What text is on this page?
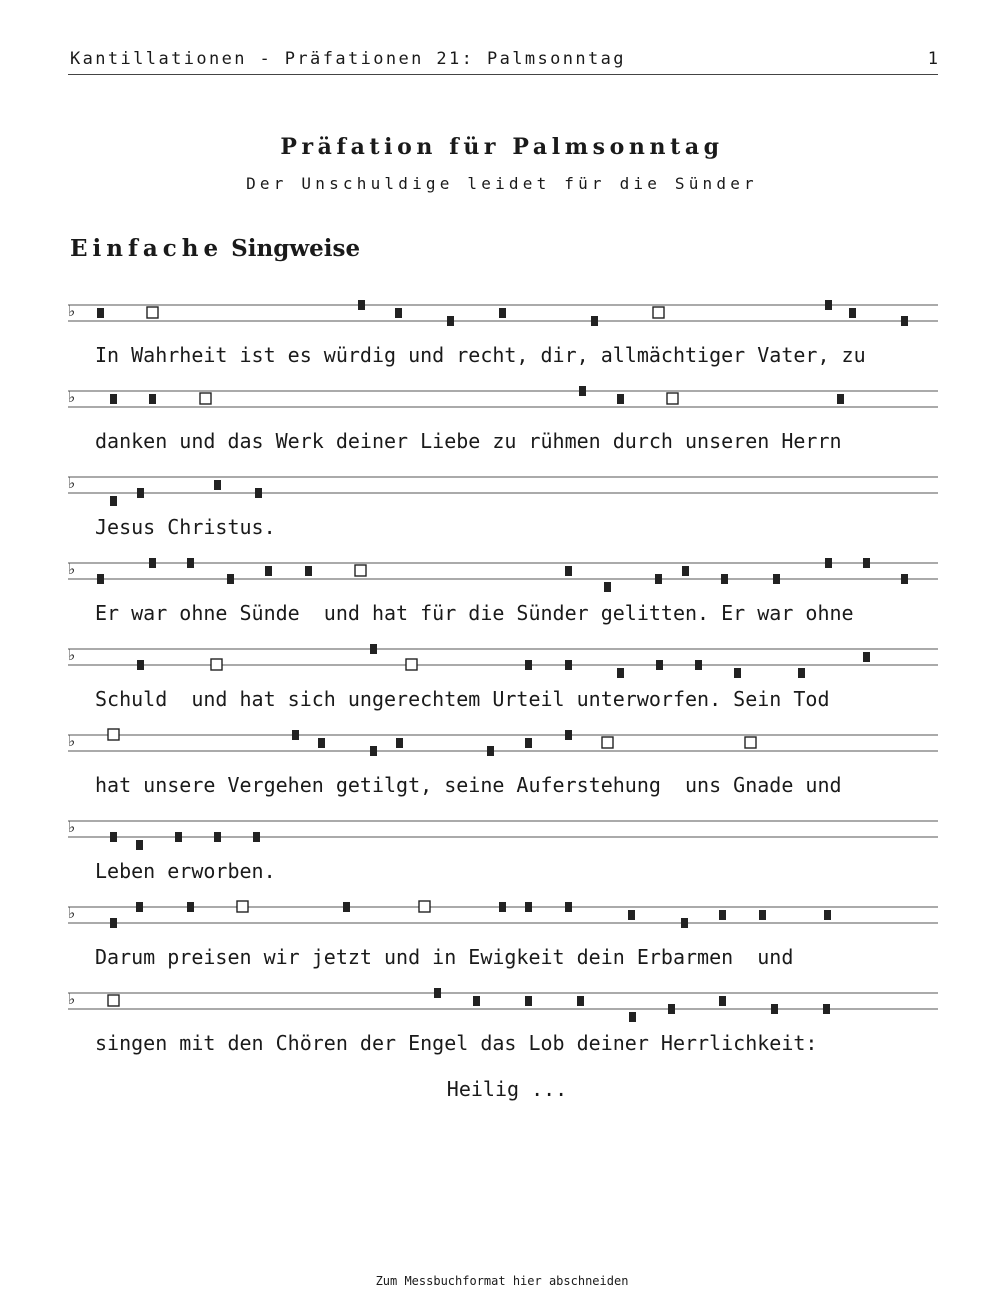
Kantillationen - Präfationen 21: Palmsonntag	1
Präfation für Palmsonntag
Der Unschuldige leidet für die Sünder
Einfache Singweise
♭
♭
♭
♭
♭
♭
♭
♭
♭
In Wahrheit ist es würdig und recht, dir, allmächtiger Vater, zu
danken und das Werk deiner Liebe zu rühmen durch unseren Herrn
Jesus Christus.
Er war ohne Sünde  und hat für die Sünder gelitten. Er war ohne
Schuld  und hat sich ungerechtem Urteil unterworfen. Sein Tod
hat unsere Vergehen getilgt, seine Auferstehung  uns Gnade und
Leben erworben.
Darum preisen wir jetzt und in Ewigkeit dein Erbarmen  und
singen mit den Chören der Engel das Lob deiner Herrlichkeit:
Heilig ...
Zum Messbuchformat hier abschneiden
